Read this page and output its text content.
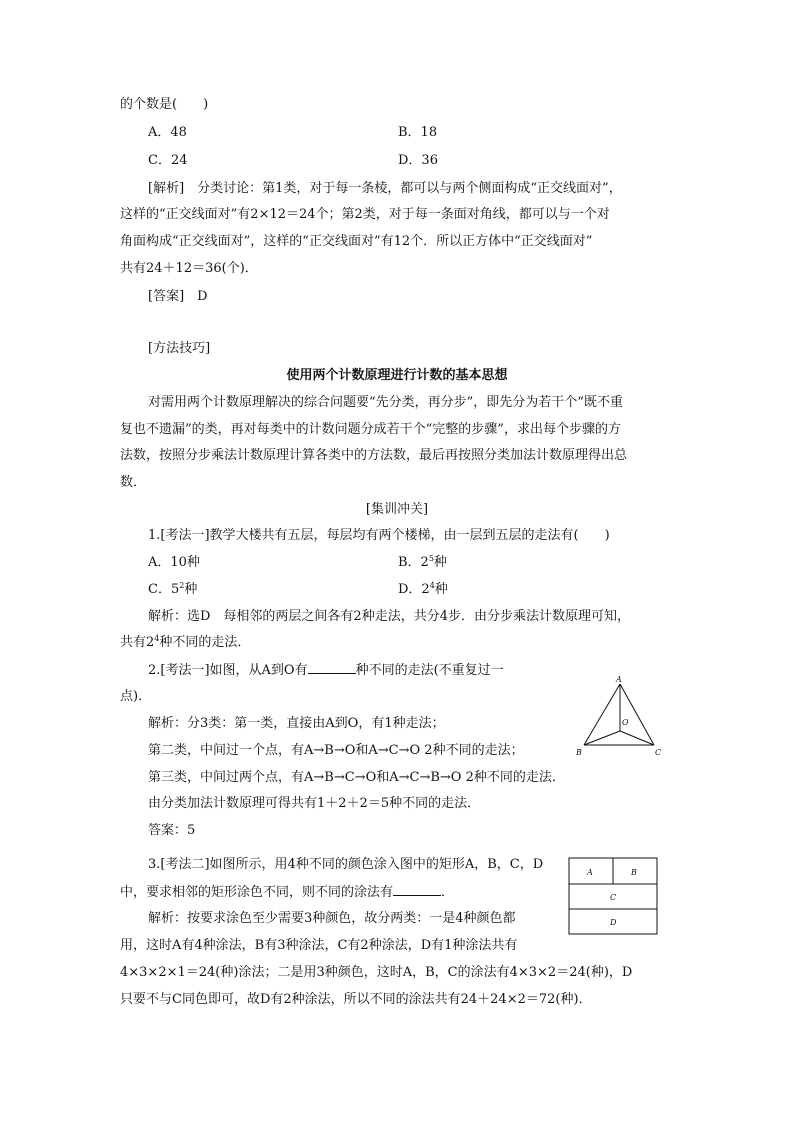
的个数是(　　)
A．48	B．18
C．24	D．36
[解析]　分类讨论：第1类，对于每一条棱，都可以与两个侧面构成“正交线面对”，
这样的“正交线面对”有2×12＝24个；第2类，对于每一条面对角线，都可以与一个对
角面构成“正交线面对”，这样的“正交线面对”有12个．所以正方体中“正交线面对”
共有24＋12＝36(个)．
[答案]　D
[方法技巧]
使用两个计数原理进行计数的基本思想
对需用两个计数原理解决的综合问题要“先分类，再分步”，即先分为若干个“既不重
复也不遗漏”的类，再对每类中的计数问题分成若干个“完整的步骤”，求出每个步骤的方
法数，按照分步乘法计数原理计算各类中的方法数，最后再按照分类加法计数原理得出总
数．
[集训冲关]
1.[考法一]教学大楼共有五层，每层均有两个楼梯，由一层到五层的走法有(　　)
A．10种	B．$2^5$种
C．$5^2$种	D．$2^4$种
解析：选D　每相邻的两层之间各有2种走法，共分4步．由分步乘法计数原理可知，
共有$2^4$种不同的走法．
2.[考法一]如图，从A到O有	种不同的走法(不重复过一
点)．
解析：分3类：第一类，直接由A到O，有1种走法；
第二类，中间过一个点，有A→B→O和A→C→O 2种不同的走法；
第三类，中间过两个点，有A→B→C→O和A→C→B→O 2种不同的走法．
由分类加法计数原理可得共有1＋2＋2＝5种不同的走法．
答案：5
A
B	C
O
3.[考法二]如图所示，用4种不同的颜色涂入图中的矩形A，B，C，D
中，要求相邻的矩形涂色不同，则不同的涂法有	．
解析：按要求涂色至少需要3种颜色，故分两类：一是4种颜色都
用，这时A有4种涂法，B有3种涂法，C有2种涂法，D有1种涂法共有
4×3×2×1＝24(种)涂法；二是用3种颜色，这时A，B，C的涂法有4×3×2＝24(种)，D
只要不与C同色即可，故D有2种涂法，所以不同的涂法共有24＋24×2＝72(种)．
A	B
C
D
